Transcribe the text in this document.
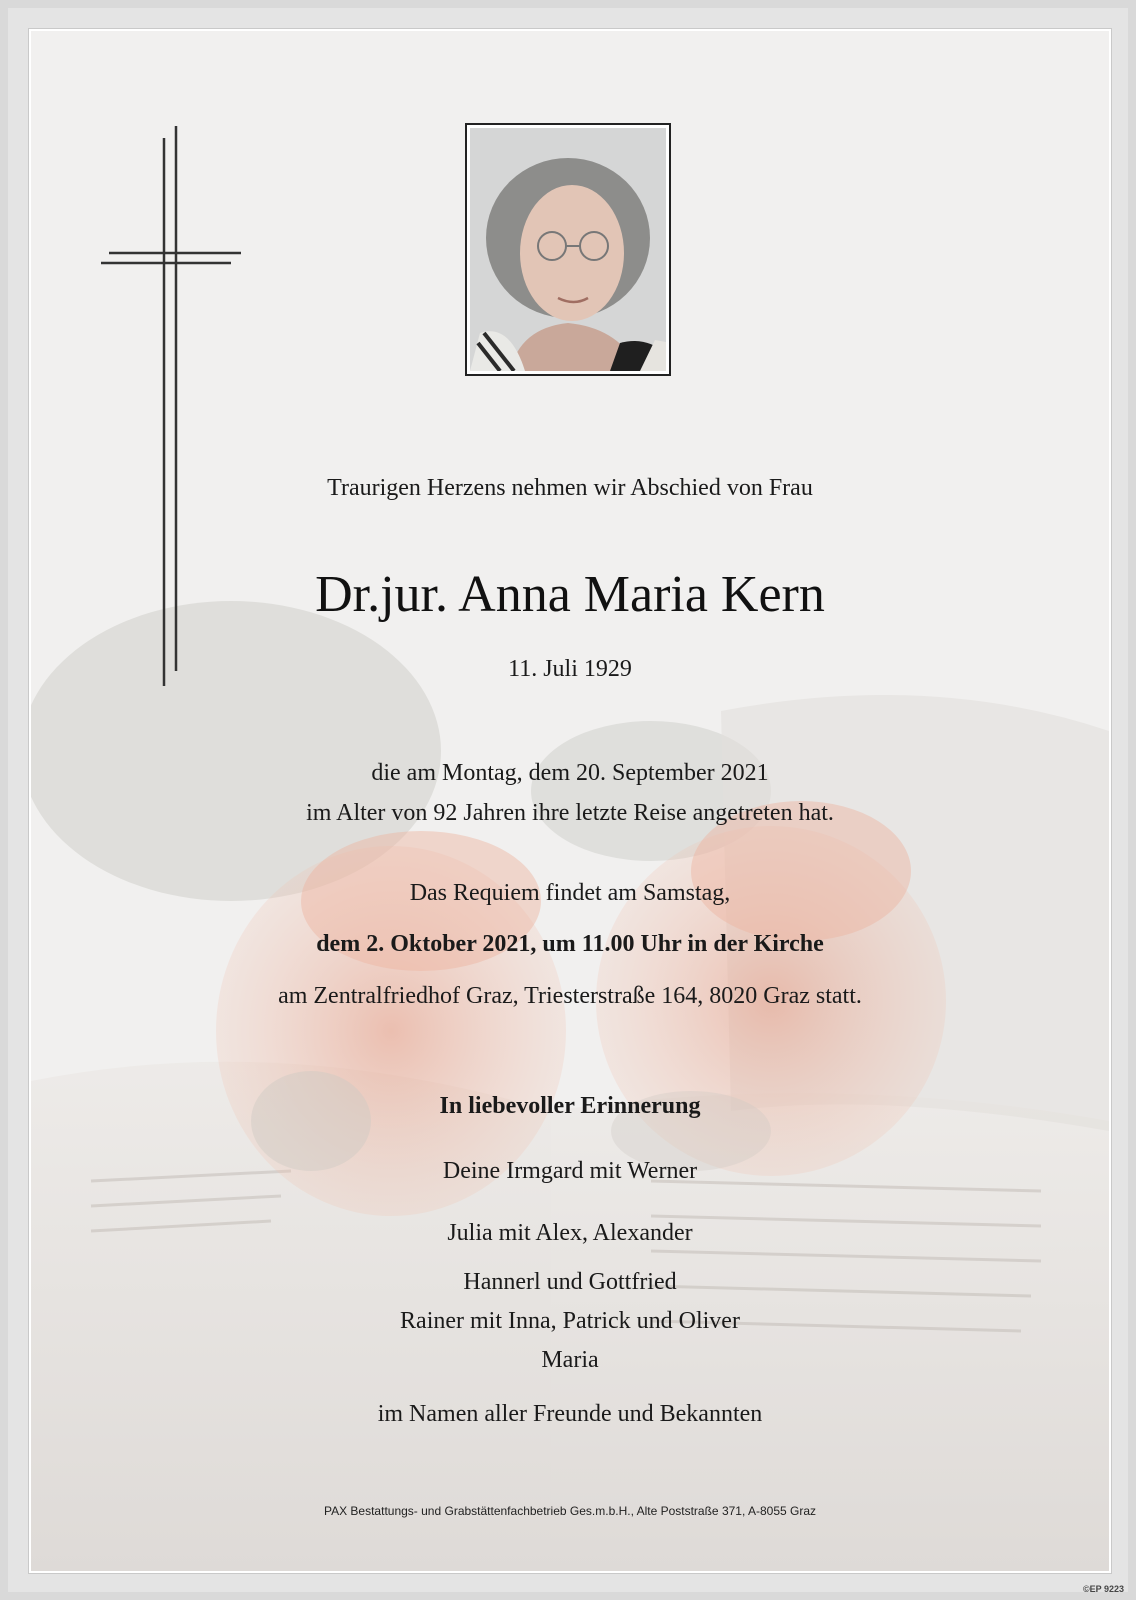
Traurigen Herzens nehmen wir Abschied von Frau
Dr.jur. Anna Maria Kern
11. Juli 1929
die am Montag, dem 20. September 2021
im Alter von 92 Jahren ihre letzte Reise angetreten hat.
Das Requiem findet am Samstag,
dem 2. Oktober 2021, um 11.00 Uhr in der Kirche
am Zentralfriedhof Graz, Triesterstraße 164, 8020 Graz statt.
In liebevoller Erinnerung
Deine Irmgard mit Werner
Julia mit Alex, Alexander
Hannerl und Gottfried
Rainer mit Inna, Patrick und Oliver
Maria
im Namen aller Freunde und Bekannten
PAX Bestattungs- und Grabstättenfachbetrieb Ges.m.b.H., Alte Poststraße 371, A-8055 Graz
©EP 9223
